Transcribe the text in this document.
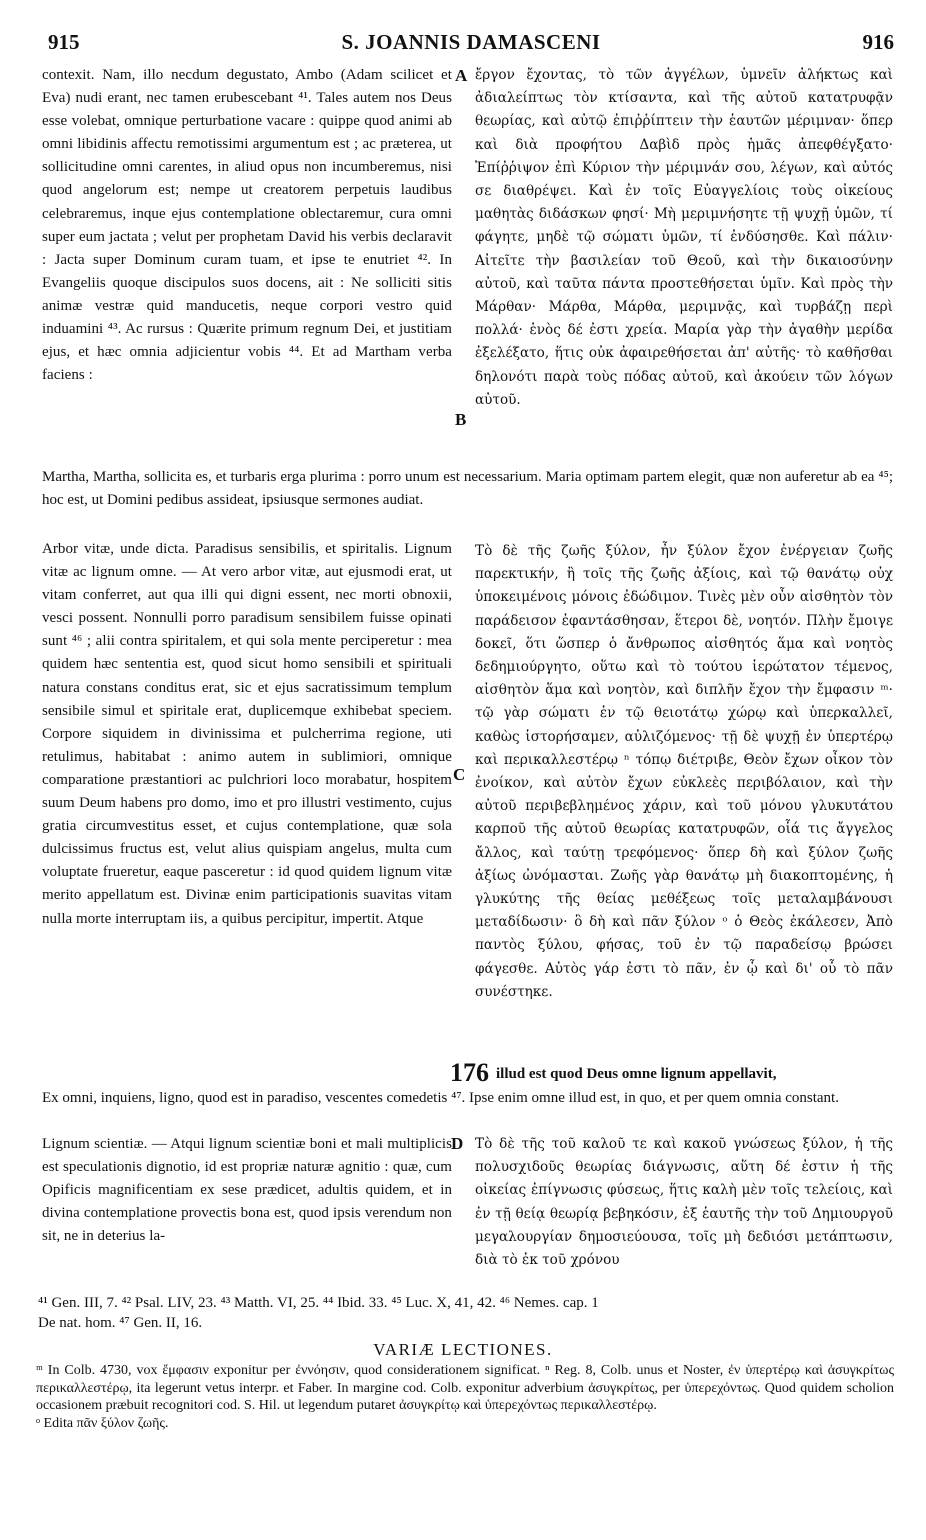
915	S. JOANNIS DAMASCENI	916

contexit. Nam, illo necdum degustato, Ambo (Adam scilicet et Eva) nudi erant, nec tamen erubescebant ⁴¹. Tales autem nos Deus esse volebat, omnique perturbatione vacare : quippe quod animi ab omni libidinis affectu remotissimi argumentum est ; ac præterea, ut sollicitudine omni carentes, in aliud opus non incumberemus, nisi quod angelorum est; nempe ut creatorem perpetuis laudibus celebraremus, inque ejus contemplatione oblectaremur, cura omni super eum jactata ; velut per prophetam David his verbis declaravit : Jacta super Dominum curam tuam, et ipse te enutriet ⁴². In Evangeliis quoque discipulos suos docens, ait : Ne solliciti sitis animæ vestræ quid manducetis, neque corpori vestro quid induamini ⁴³. Ac rursus : Quærite primum regnum Dei, et justitiam ejus, et hæc omnia adjicientur vobis ⁴⁴. Et ad Martham verba faciens :

A
B

ἔργον ἔχοντας, τὸ τῶν ἀγγέλων, ὑμνεῖν ἀλήκτως καὶ ἀδιαλείπτως τὸν κτίσαντα, καὶ τῆς αὐτοῦ κατατρυφᾷν θεωρίας, καὶ αὐτῷ ἐπιῤῥίπτειν τὴν ἑαυτῶν μέριμναν· ὅπερ καὶ διὰ προφήτου Δαβὶδ πρὸς ἡμᾶς ἀπεφθέγξατο· Ἐπίῤῥιψον ἐπὶ Κύριον τὴν μέριμνάν σου, λέγων, καὶ αὐτός σε διαθρέψει. Καὶ ἐν τοῖς Εὐαγγελίοις τοὺς οἰκείους μαθητὰς διδάσκων φησί· Μὴ μεριμνήσητε τῇ ψυχῇ ὑμῶν, τί φάγητε, μηδὲ τῷ σώματι ὑμῶν, τί ἐνδύσησθε. Καὶ πάλιν· Αἰτεῖτε τὴν βασιλείαν τοῦ Θεοῦ, καὶ τὴν δικαιοσύνην αὐτοῦ, καὶ ταῦτα πάντα προστεθήσεται ὑμῖν. Καὶ πρὸς τὴν Μάρθαν· Μάρθα, Μάρθα, μεριμνᾷς, καὶ τυρβάζῃ περὶ πολλά· ἑνὸς δέ ἐστι χρεία. Μαρία γὰρ τὴν ἀγαθὴν μερίδα ἐξελέξατο, ἥτις οὐκ ἀφαιρεθήσεται ἀπ' αὐτῆς· τὸ καθῆσθαι δηλονότι παρὰ τοὺς πόδας αὐτοῦ, καὶ ἀκούειν τῶν λόγων αὐτοῦ.

Martha, Martha, sollicita es, et turbaris erga plurima : porro unum est necessarium. Maria optimam partem elegit, quæ non auferetur ab ea ⁴⁵; hoc est, ut Domini pedibus assideat, ipsiusque sermones audiat.

Arbor vitæ, unde dicta. Paradisus sensibilis, et spiritalis. Lignum vitæ ac lignum omne. — At vero arbor vitæ, aut ejusmodi erat, ut vitam conferret, aut qua illi qui digni essent, nec morti obnoxii, vesci possent. Nonnulli porro paradisum sensibilem fuisse opinati sunt ⁴⁶ ; alii contra spiritalem, et qui sola mente perciperetur : mea quidem hæc sententia est, quod sicut homo sensibili et spirituali natura constans conditus erat, sic et ejus sacratissimum templum sensibile simul et spiritale erat, duplicemque exhibebat speciem. Corpore siquidem in divinissima et pulcherrima regione, uti retulimus, habitabat : animo autem in sublimiori, omnique comparatione præstantiori ac pulchriori loco morabatur, hospitem suum Deum habens pro domo, imo et pro illustri vestimento, cujus gratia circumvestitus esset, et cujus contemplatione, quæ sola dulcissimus fructus est, velut alius quispiam angelus, multa cum voluptate frueretur, eaque pasceretur : id quod quidem lignum vitæ merito appellatum est. Divinæ enim participationis suavitas vitam nulla morte interruptam iis, a quibus percipitur, impertit. Atque

C

Τὸ δὲ τῆς ζωῆς ξύλον, ἦν ξύλον ἔχον ἐνέργειαν ζωῆς παρεκτικήν, ἢ τοῖς τῆς ζωῆς ἀξίοις, καὶ τῷ θανάτῳ οὐχ ὑποκειμένοις μόνοις ἐδώδιμον. Τινὲς μὲν οὖν αἰσθητὸν τὸν παράδεισον ἐφαντάσθησαν, ἕτεροι δὲ, νοητόν. Πλὴν ἔμοιγε δοκεῖ, ὅτι ὥσπερ ὁ ἄνθρωπος αἰσθητός ἅμα καὶ νοητὸς δεδημιούργητο, οὕτω καὶ τὸ τούτου ἱερώτατον τέμενος, αἰσθητὸν ἅμα καὶ νοητὸν, καὶ διπλῆν ἔχον τὴν ἔμφασιν ᵐ· τῷ γὰρ σώματι ἐν τῷ θειοτάτῳ χώρῳ καὶ ὑπερκαλλεῖ, καθὼς ἱστορήσαμεν, αὐλιζόμενος· τῇ δὲ ψυχῇ ἐν ὑπερτέρῳ καὶ περικαλλεστέρῳ ⁿ τόπῳ διέτριβε, Θεὸν ἔχων οἶκον τὸν ἐνοίκον, καὶ αὐτὸν ἔχων εὐκλεὲς περιβόλαιον, καὶ τὴν αὐτοῦ περιβεβλημένος χάριν, καὶ τοῦ μόνου γλυκυτάτου καρποῦ τῆς αὐτοῦ θεωρίας κατατρυφῶν, οἷά τις ἄγγελος ἄλλος, καὶ ταύτῃ τρεφόμενος· ὅπερ δὴ καὶ ξύλον ζωῆς ἀξίως ὠνόμασται. Ζωῆς γὰρ θανάτῳ μὴ διακοπτομένης, ἡ γλυκύτης τῆς θείας μεθέξεως τοῖς μεταλαμβάνουσι μεταδίδωσιν· ὃ δὴ καὶ πᾶν ξύλον ᵒ ὁ Θεὸς ἐκάλεσεν, Ἀπὸ παντὸς ξύλου, φήσας, τοῦ ἐν τῷ παραδείσῳ βρώσει φάγεσθε. Αὐτὸς γάρ ἐστι τὸ πᾶν, ἐν ᾧ καὶ δι' οὗ τὸ πᾶν συνέστηκε.

176 illud est quod Deus omne lignum appellavit,

Ex omni, inquiens, ligno, quod est in paradiso, vescentes comedetis ⁴⁷. Ipse enim omne illud est, in quo, et per quem omnia constant.

Lignum scientiæ. — Atqui lignum scientiæ boni et mali multiplicis est speculationis dignotio, id est propriæ naturæ agnitio : quæ, cum Opificis magnificentiam ex sese prædicet, adultis quidem, et in divina contemplatione provectis bona est, quod ipsis verendum non sit, ne in deterius la-

D Τὸ δὲ τῆς τοῦ καλοῦ τε καὶ κακοῦ γνώσεως ξύλον, ἡ τῆς πολυσχιδοῦς θεωρίας διάγνωσις, αὕτη δέ ἐστιν ἡ τῆς οἰκείας ἐπίγνωσις φύσεως, ἥτις καλὴ μὲν τοῖς τελείοις, καὶ ἐν τῇ θείᾳ θεωρίᾳ βεβηκόσιν, ἐξ ἑαυτῆς τὴν τοῦ Δημιουργοῦ μεγαλουργίαν δημοσιεύουσα, τοῖς μὴ δεδιόσι μετάπτωσιν, διὰ τὸ ἐκ τοῦ χρόνου

⁴¹ Gen. III, 7. ⁴² Psal. LIV, 23. ⁴³ Matth. VI, 25. ⁴⁴ Ibid. 33. ⁴⁵ Luc. X, 41, 42. ⁴⁶ Nemes. cap. 1

De nat. hom. ⁴⁷ Gen. II, 16.

VARIÆ LECTIONES.

ᵐ In Colb. 4730, vox ἔμφασιν exponitur per ἐννόησιν, quod considerationem significat. ⁿ Reg. 8, Colb. unus et Noster, ἐν ὑπερτέρῳ καὶ ἀσυγκρίτως περικαλλεστέρῳ, ita legerunt vetus interpr. et Faber. In margine cod. Colb. exponitur adverbium ἀσυγκρίτως, per ὑπερεχόντως. Quod quidem scholion occasionem præbuit recognitori cod. S. Hil. ut legendum putaret ἀσυγκρίτῳ καὶ ὑπερεχόντως περικαλλεστέρῳ.

ᵒ Edita πᾶν ξύλον ζωῆς.
